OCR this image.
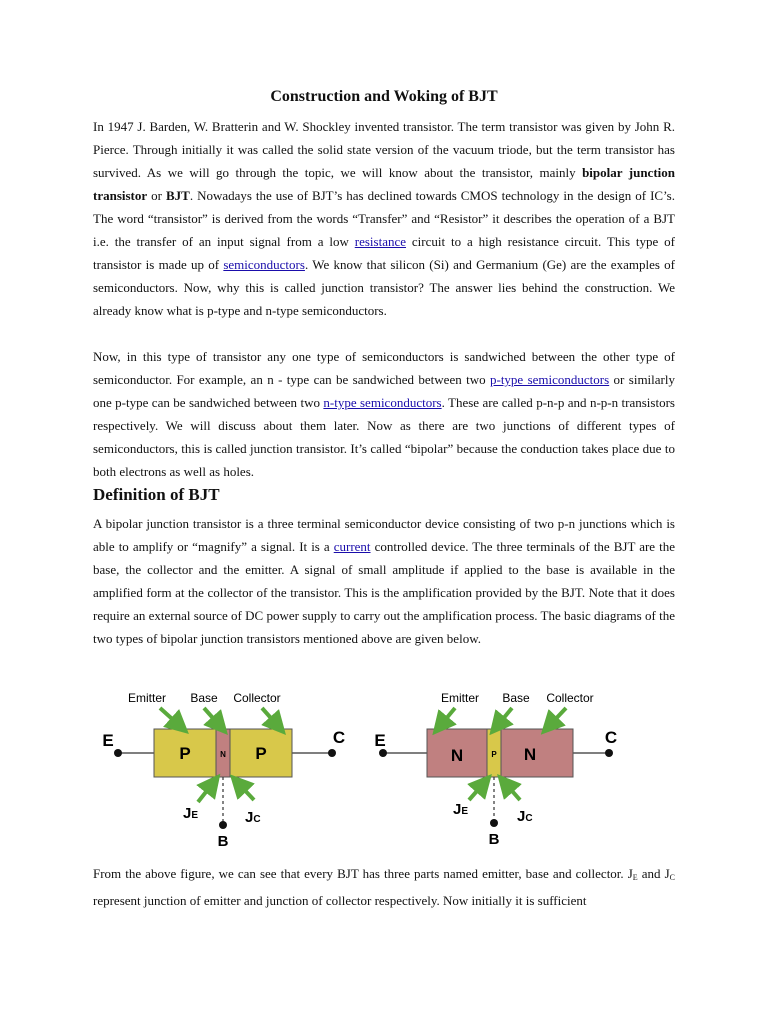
Construction and Woking of BJT

In 1947 J. Barden, W. Bratterin and W. Shockley invented transistor. The term transistor was given by John R. Pierce. Through initially it was called the solid state version of the vacuum triode, but the term transistor has survived. As we will go through the topic, we will know about the transistor, mainly bipolar junction transistor or BJT. Nowadays the use of BJT’s has declined towards CMOS technology in the design of IC’s. The word “transistor” is derived from the words “Transfer” and “Resistor” it describes the operation of a BJT i.e. the transfer of an input signal from a low resistance circuit to a high resistance circuit. This type of transistor is made up of semiconductors. We know that silicon (Si) and Germanium (Ge) are the examples of semiconductors. Now, why this is called junction transistor? The answer lies behind the construction. We already know what is p-type and n-type semiconductors.

Now, in this type of transistor any one type of semiconductors is sandwiched between the other type of semiconductor. For example, an n - type can be sandwiched between two p-type semiconductors or similarly one p-type can be sandwiched between two n-type semiconductors. These are called p-n-p and n-p-n transistors respectively. We will discuss about them later. Now as there are two junctions of different types of semiconductors, this is called junction transistor. It’s called “bipolar” because the conduction takes place due to both electrons as well as holes.

Definition of BJT

A bipolar junction transistor is a three terminal semiconductor device consisting of two p-n junctions which is able to amplify or “magnify” a signal. It is a current controlled device. The three terminals of the BJT are the base, the collector and the emitter. A signal of small amplitude if applied to the base is available in the amplified form at the collector of the transistor. This is the amplification provided by the BJT. Note that it does require an external source of DC power supply to carry out the amplification process. The basic diagrams of the two types of bipolar junction transistors mentioned above are given below.

P	N P
E	C
Emitter Base Collector
B
JE	JC
N	P N
E	C
Emitter Base Collector
B
JE	JC

From the above figure, we can see that every BJT has three parts named emitter, base and collector. $J_E$ and $J_C$ represent junction of emitter and junction of collector respectively. Now initially it is sufficient
